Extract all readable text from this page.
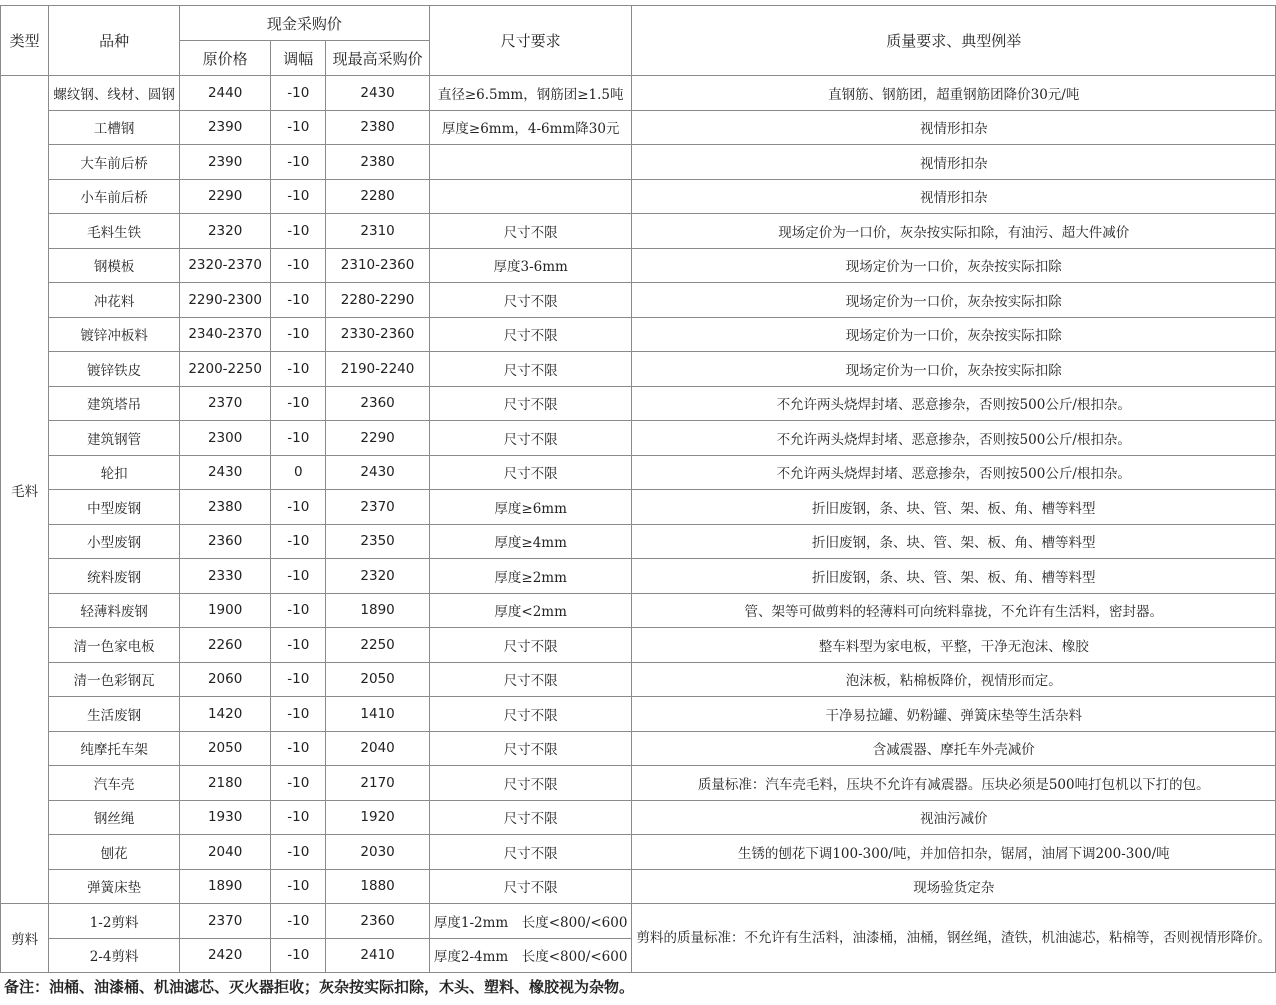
类型	品种	现金采购价			尺寸要求	质量要求、典型例举
		原价格	调幅	现最高采购价		
毛料	螺纹钢、线材、圆钢	2440	-10	2430	直径≥6.5mm，钢筋团≥1.5吨	直钢筋、钢筋团，超重钢筋团降价30元/吨
	工槽钢	2390	-10	2380	厚度≥6mm，4-6mm降30元	视情形扣杂
	大车前后桥	2390	-10	2380		视情形扣杂
	小车前后桥	2290	-10	2280		视情形扣杂
	毛料生铁	2320	-10	2310	尺寸不限	现场定价为一口价，灰杂按实际扣除，有油污、超大件减价
	钢模板	2320-2370	-10	2310-2360	厚度3-6mm	现场定价为一口价，灰杂按实际扣除
	冲花料	2290-2300	-10	2280-2290	尺寸不限	现场定价为一口价，灰杂按实际扣除
	镀锌冲板料	2340-2370	-10	2330-2360	尺寸不限	现场定价为一口价，灰杂按实际扣除
	镀锌铁皮	2200-2250	-10	2190-2240	尺寸不限	现场定价为一口价，灰杂按实际扣除
	建筑塔吊	2370	-10	2360	尺寸不限	不允许两头烧焊封堵、恶意掺杂，否则按500公斤/根扣杂。
	建筑钢管	2300	-10	2290	尺寸不限	不允许两头烧焊封堵、恶意掺杂，否则按500公斤/根扣杂。
	轮扣	2430	0	2430	尺寸不限	不允许两头烧焊封堵、恶意掺杂，否则按500公斤/根扣杂。
	中型废钢	2380	-10	2370	厚度≥6mm	折旧废钢，条、块、管、架、板、角、槽等料型
	小型废钢	2360	-10	2350	厚度≥4mm	折旧废钢，条、块、管、架、板、角、槽等料型
	统料废钢	2330	-10	2320	厚度≥2mm	折旧废钢，条、块、管、架、板、角、槽等料型
	轻薄料废钢	1900	-10	1890	厚度<2mm	管、架等可做剪料的轻薄料可向统料靠拢，不允许有生活料，密封器。
	清一色家电板	2260	-10	2250	尺寸不限	整车料型为家电板，平整，干净无泡沫、橡胶
	清一色彩钢瓦	2060	-10	2050	尺寸不限	泡沫板，粘棉板降价，视情形而定。
	生活废钢	1420	-10	1410	尺寸不限	干净易拉罐、奶粉罐、弹簧床垫等生活杂料
	纯摩托车架	2050	-10	2040	尺寸不限	含减震器、摩托车外壳减价
	汽车壳	2180	-10	2170	尺寸不限	质量标准：汽车壳毛料，压块不允许有减震器。压块必须是500吨打包机以下打的包。
	钢丝绳	1930	-10	1920	尺寸不限	视油污减价
	刨花	2040	-10	2030	尺寸不限	生锈的刨花下调100-300/吨，并加倍扣杂，锯屑，油屑下调200-300/吨
	弹簧床垫	1890	-10	1880	尺寸不限	现场验货定杂
剪料	1-2剪料	2370	-10	2360	厚度1-2mm　长度<800/<600	剪料的质量标准：不允许有生活料，油漆桶，油桶，钢丝绳，渣铁，机油滤芯，粘棉等，否则视情形降价。
	2-4剪料	2420	-10	2410	厚度2-4mm　长度<800/<600	
备注：油桶、油漆桶、机油滤芯、灭火器拒收；灰杂按实际扣除，木头、塑料、橡胶视为杂物。
